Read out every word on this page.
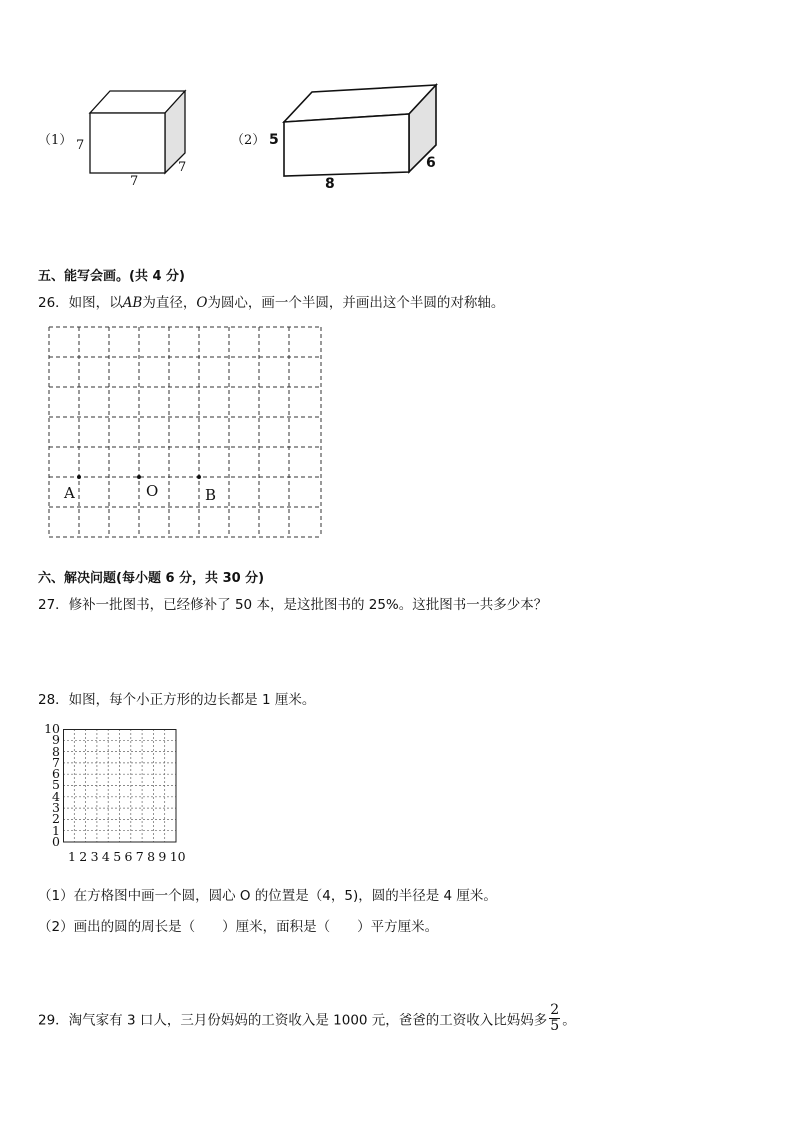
（1） 7
7
7
（2） 5
8
6
五、能写会画。(共 4 分)
26．如图，以AB为直径，O为圆心，画一个半圆，并画出这个半圆的对称轴。
A	O	B
六、解决问题(每小题 6 分，共 30 分)
27．修补一批图书，已经修补了 50 本，是这批图书的 25%。这批图书一共多少本？
28．如图，每个小正方形的边长都是 1 厘米。
10
9
8
7
6
5
4
3
2
1
0
1 2 3 4 5 6 7 8 9 10
（1）在方格图中画一个圆，圆心 O 的位置是（4，5)，圆的半径是 4 厘米。
（2）画出的圆的周长是（　　）厘米，面积是（　　）平方厘米。
29．淘气家有 3 口人，三月份妈妈的工资收入是 1000 元，爸爸的工资收入比妈妈多 $\frac{2}{5}$ 。
